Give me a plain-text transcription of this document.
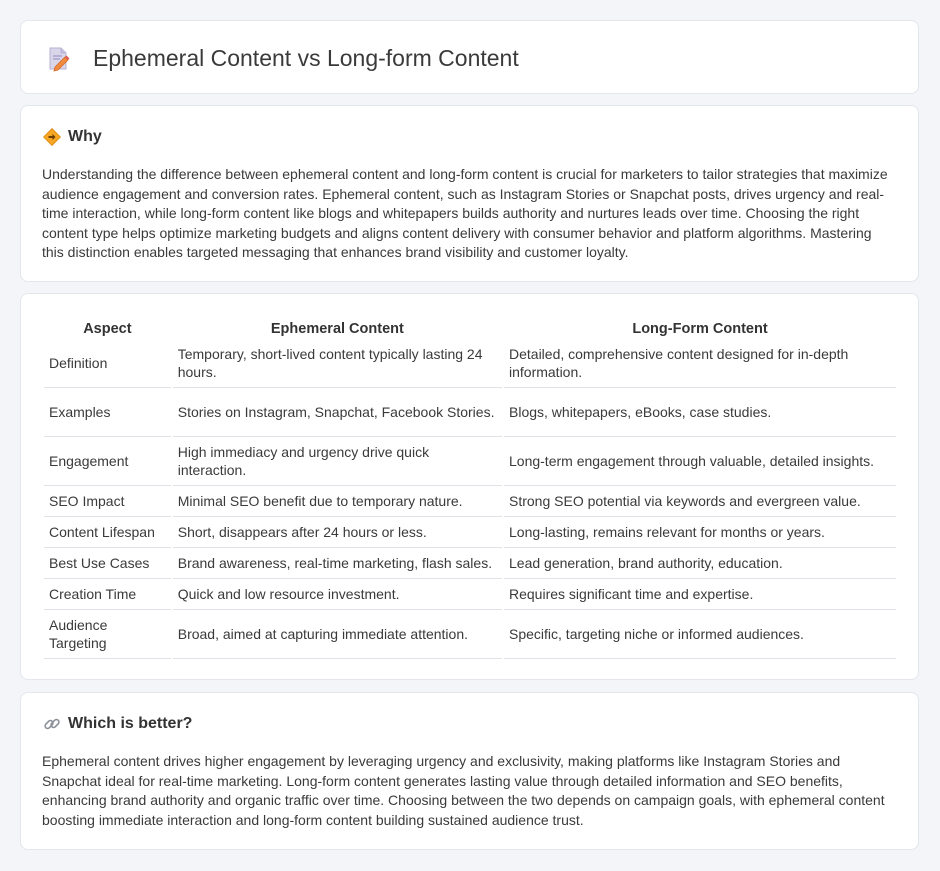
Ephemeral Content vs Long-form Content
Why

Understanding the difference between ephemeral content and long-form content is crucial for marketers to tailor strategies that maximize audience engagement and conversion rates. Ephemeral content, such as Instagram Stories or Snapchat posts, drives urgency and real-time interaction, while long-form content like blogs and whitepapers builds authority and nurtures leads over time. Choosing the right content type helps optimize marketing budgets and aligns content delivery with consumer behavior and platform algorithms. Mastering this distinction enables targeted messaging that enhances brand visibility and customer loyalty.

Aspect	Ephemeral Content	Long-Form Content
Definition	Temporary, short-lived content typically lasting 24 hours.	Detailed, comprehensive content designed for in-depth information.
Examples	Stories on Instagram, Snapchat, Facebook Stories.	Blogs, whitepapers, eBooks, case studies.
Engagement	High immediacy and urgency drive quick interaction.	Long-term engagement through valuable, detailed insights.
SEO Impact	Minimal SEO benefit due to temporary nature.	Strong SEO potential via keywords and evergreen value.
Content Lifespan	Short, disappears after 24 hours or less.	Long-lasting, remains relevant for months or years.
Best Use Cases	Brand awareness, real-time marketing, flash sales.	Lead generation, brand authority, education.
Creation Time	Quick and low resource investment.	Requires significant time and expertise.
Audience Targeting	Broad, aimed at capturing immediate attention.	Specific, targeting niche or informed audiences.
Which is better?

Ephemeral content drives higher engagement by leveraging urgency and exclusivity, making platforms like Instagram Stories and Snapchat ideal for real-time marketing. Long-form content generates lasting value through detailed information and SEO benefits, enhancing brand authority and organic traffic over time. Choosing between the two depends on campaign goals, with ephemeral content boosting immediate interaction and long-form content building sustained audience trust.
